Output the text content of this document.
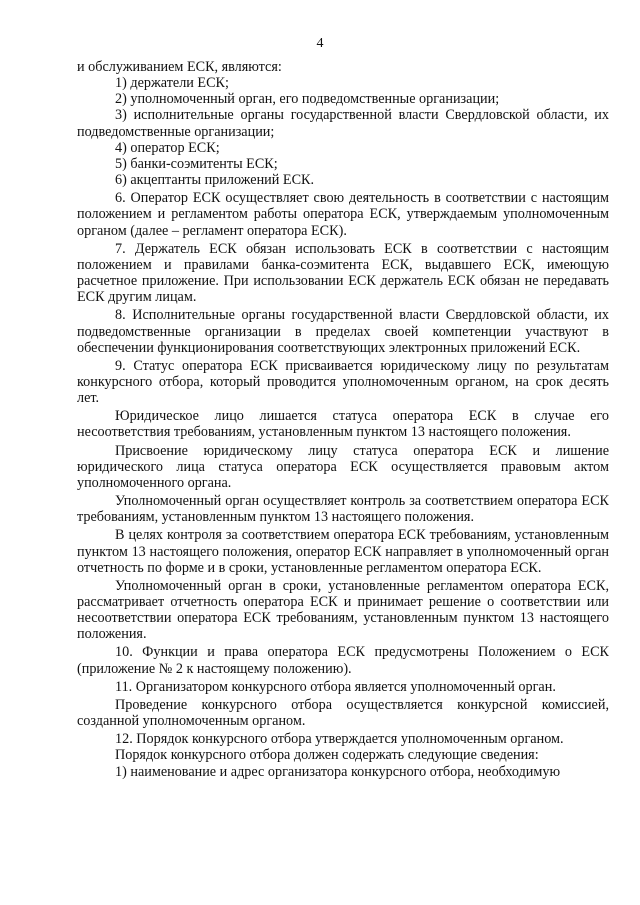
4

и обслуживанием ЕСК, являются:

1) держатели ЕСК;

2) уполномоченный орган, его подведомственные организации;

3) исполнительные органы государственной власти Свердловской области, их подведомственные организации;

4) оператор ЕСК;

5) банки-соэмитенты ЕСК;

6) акцептанты приложений ЕСК.

6. Оператор ЕСК осуществляет свою деятельность в соответствии с настоящим положением и регламентом работы оператора ЕСК, утверждаемым уполномоченным органом (далее – регламент оператора ЕСК).

7. Держатель ЕСК обязан использовать ЕСК в соответствии с настоящим положением и правилами банка-соэмитента ЕСК, выдавшего ЕСК, имеющую расчетное приложение. При использовании ЕСК держатель ЕСК обязан не передавать ЕСК другим лицам.

8. Исполнительные органы государственной власти Свердловской области, их подведомственные организации в пределах своей компетенции участвуют в обеспечении функционирования соответствующих электронных приложений ЕСК.

9. Статус оператора ЕСК присваивается юридическому лицу по результатам конкурсного отбора, который проводится уполномоченным органом, на срок десять лет.

Юридическое лицо лишается статуса оператора ЕСК в случае его несоответствия требованиям, установленным пунктом 13 настоящего положения.

Присвоение юридическому лицу статуса оператора ЕСК и лишение юридического лица статуса оператора ЕСК осуществляется правовым актом уполномоченного органа.

Уполномоченный орган осуществляет контроль за соответствием оператора ЕСК требованиям, установленным пунктом 13 настоящего положения.

В целях контроля за соответствием оператора ЕСК требованиям, установленным пунктом 13 настоящего положения, оператор ЕСК направляет в уполномоченный орган отчетность по форме и в сроки, установленные регламентом оператора ЕСК.

Уполномоченный орган в сроки, установленные регламентом оператора ЕСК, рассматривает отчетность оператора ЕСК и принимает решение о соответствии или несоответствии оператора ЕСК требованиям, установленным пунктом 13 настоящего положения.

10. Функции и права оператора ЕСК предусмотрены Положением о ЕСК (приложение № 2 к настоящему положению).

11. Организатором конкурсного отбора является уполномоченный орган.

Проведение конкурсного отбора осуществляется конкурсной комиссией, созданной уполномоченным органом.

12. Порядок конкурсного отбора утверждается уполномоченным органом.

Порядок конкурсного отбора должен содержать следующие сведения:

1) наименование и адрес организатора конкурсного отбора, необходимую
